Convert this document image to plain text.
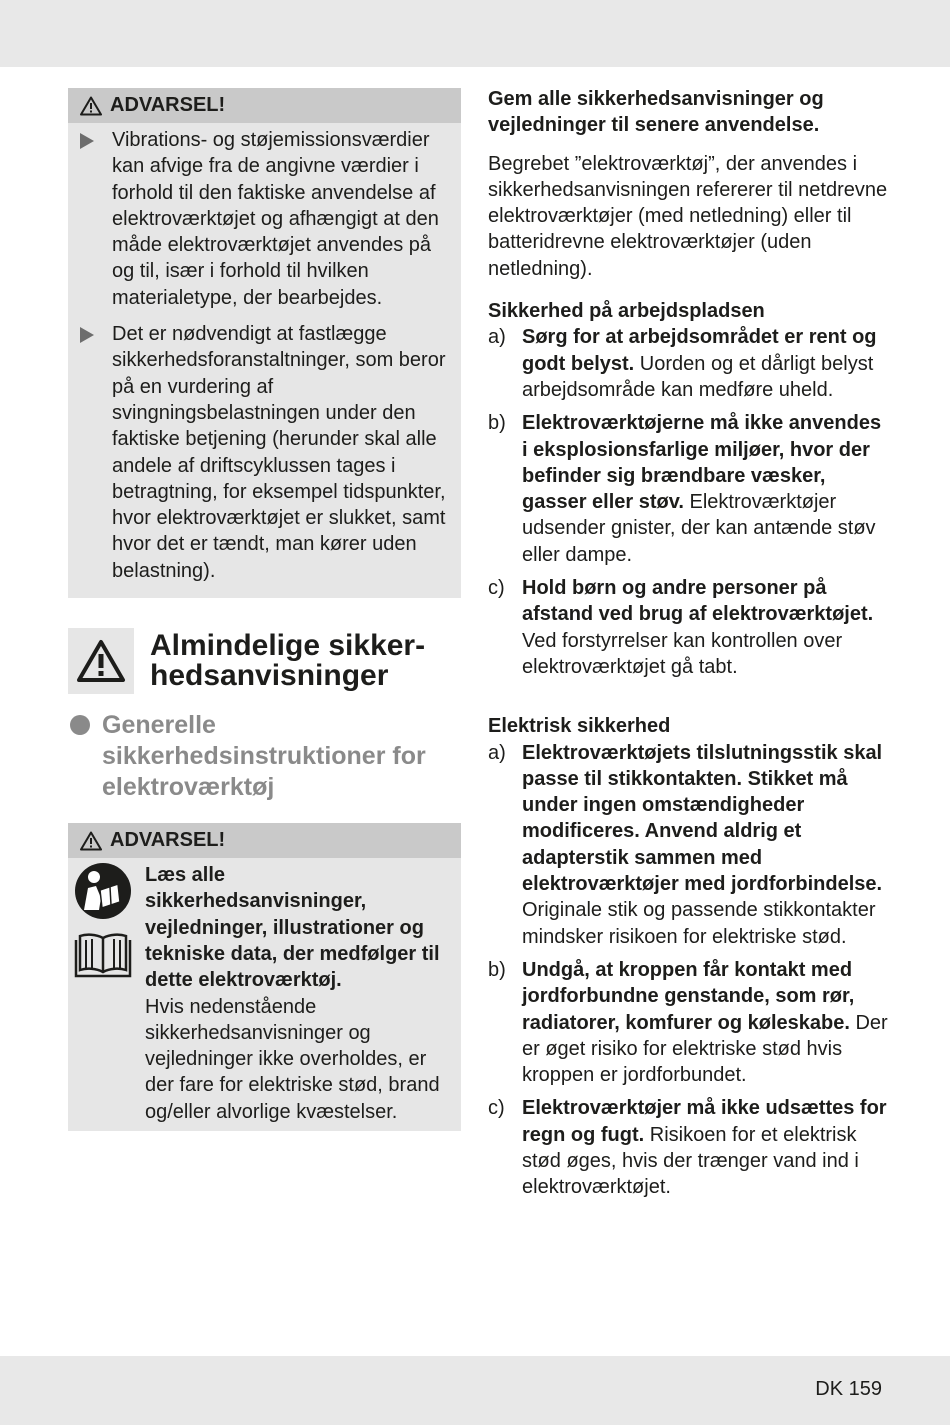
ADVARSEL!
Vibrations- og støjemissionsværdier kan afvige fra de angivne værdier i forhold til den faktiske anvendelse af elektroværktøjet og afhængigt at den måde elektroværktøjet anvendes på og til, især i forhold til hvilken materialetype, der bearbejdes.
Det er nødvendigt at fastlægge sikkerhedsforanstaltninger, som beror på en vurdering af svingningsbelastningen under den faktiske betjening (herunder skal alle andele af driftscyklussen tages i betragtning, for eksempel tidspunkter, hvor elektroværktøjet er slukket, samt hvor det er tændt, man kører uden belastning).
Almindelige sikker-
hedsanvisninger
Generelle sikkerhedsinstruktioner for elektroværktøj
ADVARSEL!
Læs alle sikkerhedsanvisninger, vejledninger, illustrationer og tekniske data, der medfølger til dette elektroværktøj.
Hvis nedenstående sikkerhedsanvisninger og vejledninger ikke overholdes, er der fare for elektriske stød, brand og/eller alvorlige kvæstelser.

Gem alle sikkerhedsanvisninger og vejledninger til senere anvendelse.

Begrebet ”elektroværktøj”, der anvendes i sikkerhedsanvisningen refererer til netdrevne elektroværktøjer (med netledning) eller til batteridrevne elektroværktøjer (uden netledning).

Sikkerhed på arbejdspladsen

a) Sørg for at arbejdsområdet er rent og godt belyst. Uorden og et dårligt belyst arbejdsområde kan medføre uheld.
b) Elektroværktøjerne må ikke anvendes i eksplosionsfarlige miljøer, hvor der befinder sig brændbare væsker, gasser eller støv. Elektroværktøjer udsender gnister, der kan antænde støv eller dampe.
c) Hold børn og andre personer på afstand ved brug af elektroværktøjet. Ved forstyrrelser kan kontrollen over elektroværktøjet gå tabt.

Elektrisk sikkerhed

a) Elektroværktøjets tilslutningsstik skal passe til stikkontakten. Stikket må under ingen omstændigheder modificeres. Anvend aldrig et adapterstik sammen med elektroværktøjer med jordforbindelse. Originale stik og passende stikkontakter mindsker risikoen for elektriske stød.
b) Undgå, at kroppen får kontakt med jordforbundne genstande, som rør, radiatorer, komfurer og køleskabe. Der er øget risiko for elektriske stød hvis kroppen er jordforbundet.
c) Elektroværktøjer må ikke udsættes for regn og fugt. Risikoen for et elektrisk stød øges, hvis der trænger vand ind i elektroværktøjet.
DK 159
